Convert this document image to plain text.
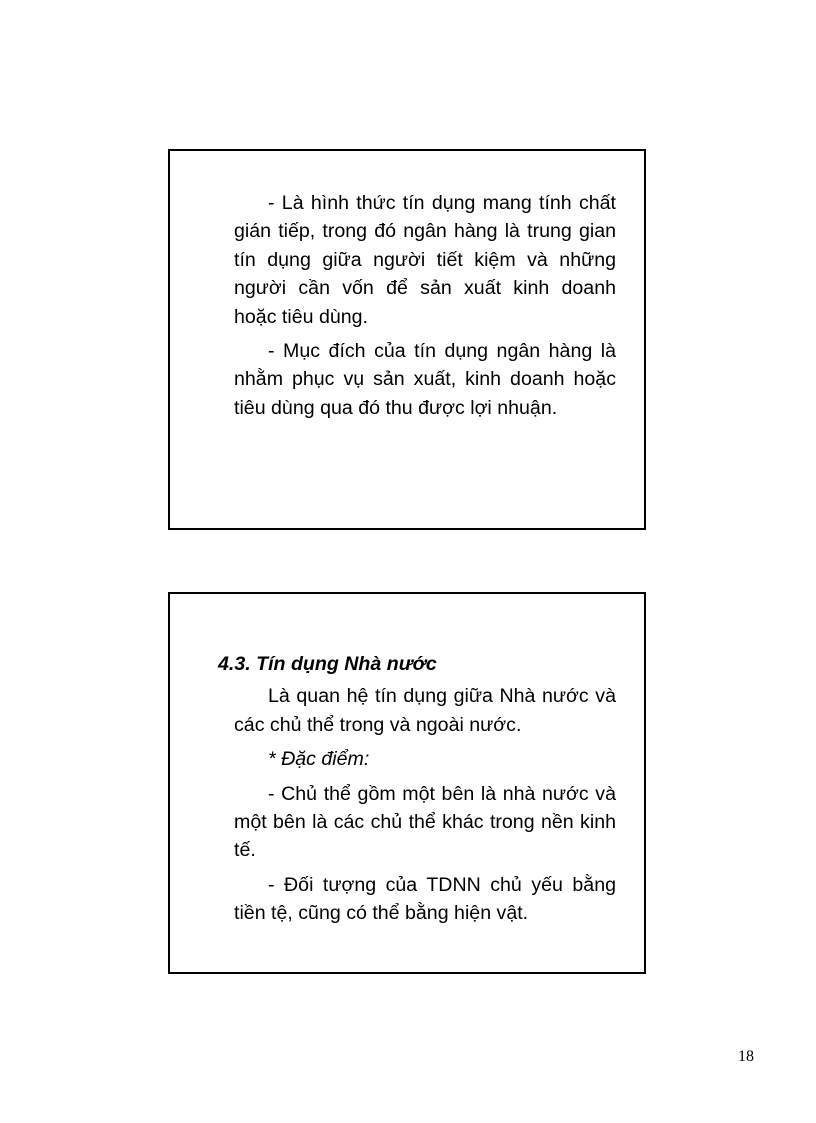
- Là hình thức tín dụng mang tính chất gián tiếp, trong đó ngân hàng là trung gian tín dụng giữa người tiết kiệm và những người cần vốn để sản xuất kinh doanh hoặc tiêu dùng.

- Mục đích của tín dụng ngân hàng là nhằm phục vụ sản xuất, kinh doanh hoặc tiêu dùng qua đó thu được lợi nhuận.

4.3. Tín dụng Nhà nước

Là quan hệ tín dụng giữa Nhà nước và các chủ thể trong và ngoài nước.

* Đặc điểm:

- Chủ thể gồm một bên là nhà nước và một bên là các chủ thể khác trong nền kinh tế.

- Đối tượng của TDNN chủ yếu bằng tiền tệ, cũng có thể bằng hiện vật.

18
